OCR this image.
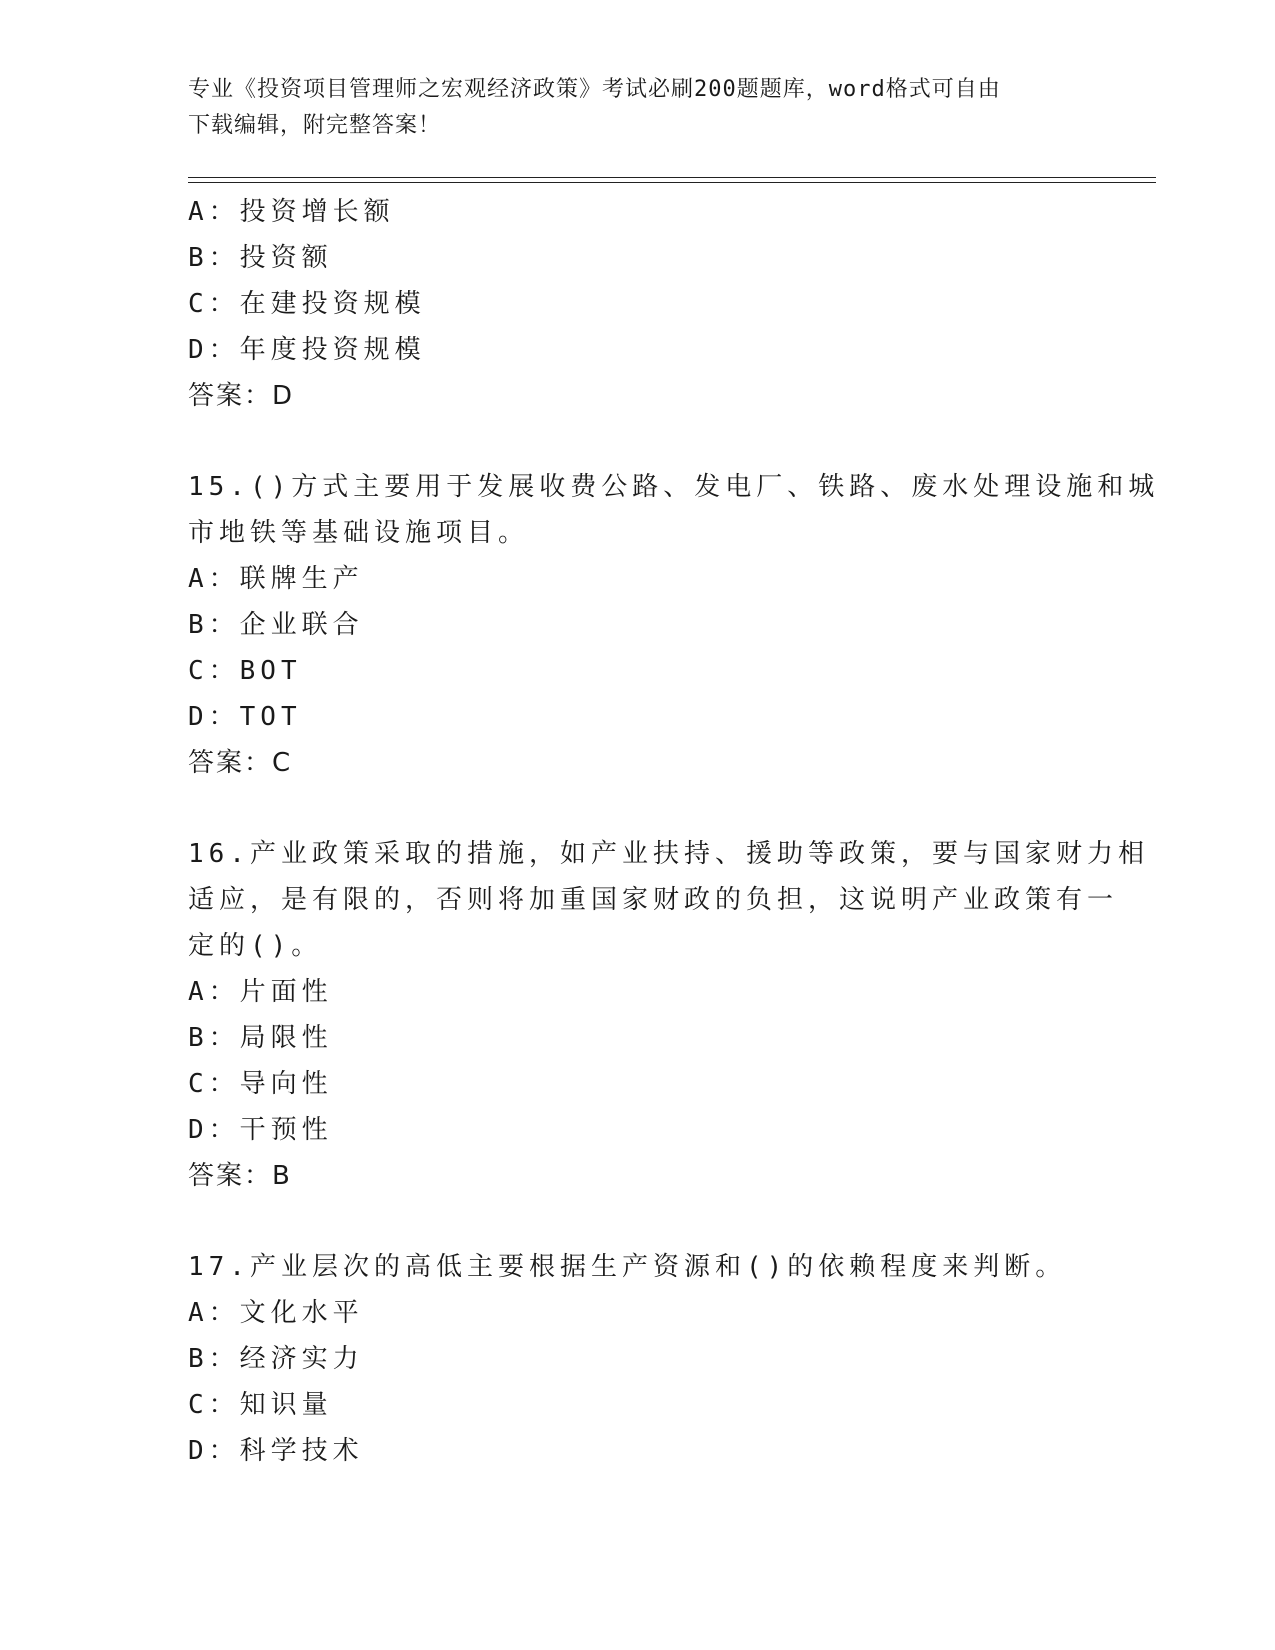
专业《投资项目管理师之宏观经济政策》考试必刷200题题库，word格式可自由
下载编辑，附完整答案！
A：投资增长额
B：投资额
C：在建投资规模
D：年度投资规模
答案：D
15.()方式主要用于发展收费公路、发电厂、铁路、废水处理设施和城
市地铁等基础设施项目。
A：联牌生产
B：企业联合
C：BOT
D：TOT
答案：C
16.产业政策采取的措施，如产业扶持、援助等政策，要与国家财力相
适应，是有限的，否则将加重国家财政的负担，这说明产业政策有一
定的()。
A：片面性
B：局限性
C：导向性
D：干预性
答案：B
17.产业层次的高低主要根据生产资源和()的依赖程度来判断。
A：文化水平
B：经济实力
C：知识量
D：科学技术
